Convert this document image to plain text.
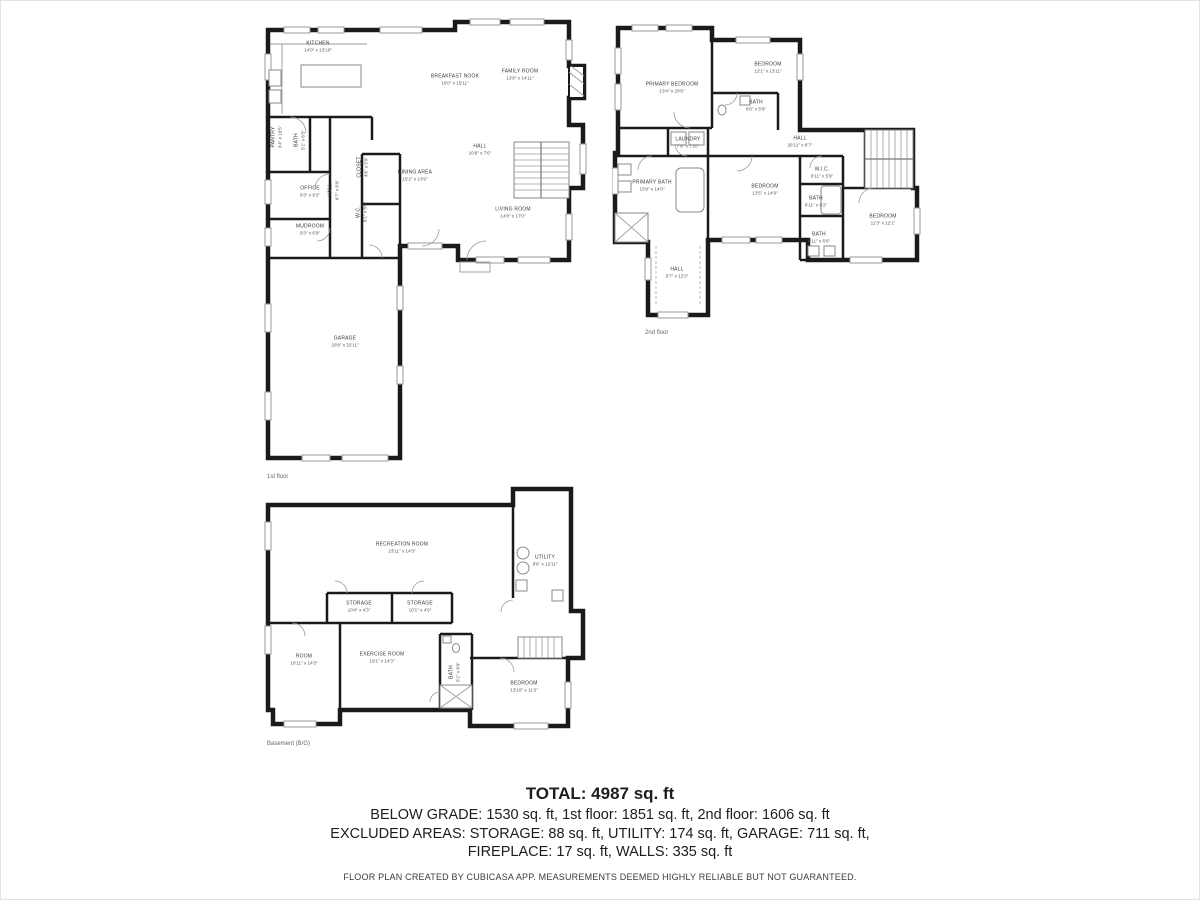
KITCHEN
14'0" x 13'10"
BREAKFAST NOOK
16'0" x 15'11"
FAMILY ROOM
13'8" x 14'11"
PANTRY 3'4" x 10'5" BATH 5'2" x 6'5"
OFFICE
9'3" x 9'2" HALL 6'7" x 8'9"
CLOSET 4'6" x 5'9"
W.C. 6'1" x 8'6"
MUDROOM
9'3" x 6'9"
DINING AREA
15'2" x 13'9"
HALL
10'9" x 7'6"
LIVING ROOM
14'8" x 17'0"
GARAGE
20'8" x 32'11"
1st floor
PRIMARY BEDROOM
13'4" x 20'8"
BEDROOM
12'1" x 13'11"
BATH
8'0" x 5'9"
HALL
26'11" x 6'7"
LAUNDRY
7'9" x 7'10"
PRIMARY BATH
15'9" x 14'0"	BEDROOM
13'5" x 14'9"
W.I.C.
6'11" x 5'9"
BATH
6'11" x 6'2"
BATH
6'11" x 6'6"
BEDROOM
11'3" x 12'1"
HALL
9'7" x 12'3"
2nd floor
RECREATION ROOM
23'11" x 14'3"
UTILITY
8'6" x 12'11"
STORAGE
10'4" x 4'3"
STORAGE
10'1" x 4'9"
ROOM
10'11" x 14'3"
EXERCISE ROOM
19'1" x 14'3"
BATH 5'2" x 8'9"
BEDROOM
13'10" x 11'3"
Basement (B/G)
TOTAL: 4987 sq. ft
BELOW GRADE: 1530 sq. ft, 1st floor: 1851 sq. ft, 2nd floor: 1606 sq. ft
EXCLUDED AREAS: STORAGE: 88 sq. ft, UTILITY: 174 sq. ft, GARAGE: 711 sq. ft,
FIREPLACE: 17 sq. ft, WALLS: 335 sq. ft
FLOOR PLAN CREATED BY CUBICASA APP. MEASUREMENTS DEEMED HIGHLY RELIABLE BUT NOT GUARANTEED.
